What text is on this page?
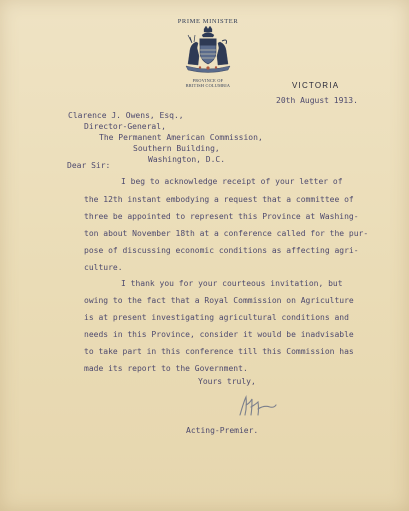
PRIME MINISTER
PROVINCE OF
BRITISH COLUMBIA	VICTORIA
20th August 1913.
Clarence J. Owens, Esq.,
Director-General,
The Permanent American Commission,
Southern Building,
Washington, D.C.
Dear Sir:
I beg to acknowledge receipt of your letter of
the 12th instant embodying a request that a committee of
three be appointed to represent this Province at Washing-
ton about November 18th at a conference called for the pur-
pose of discussing economic conditions as affecting agri-
culture.
I thank you for your courteous invitation, but
owing to the fact that a Royal Commission on Agriculture
is at present investigating agricultural conditions and
needs in this Province, consider it would be inadvisable
to take part in this conference till this Commission has
made its report to the Government.
Yours truly,
Acting-Premier.
